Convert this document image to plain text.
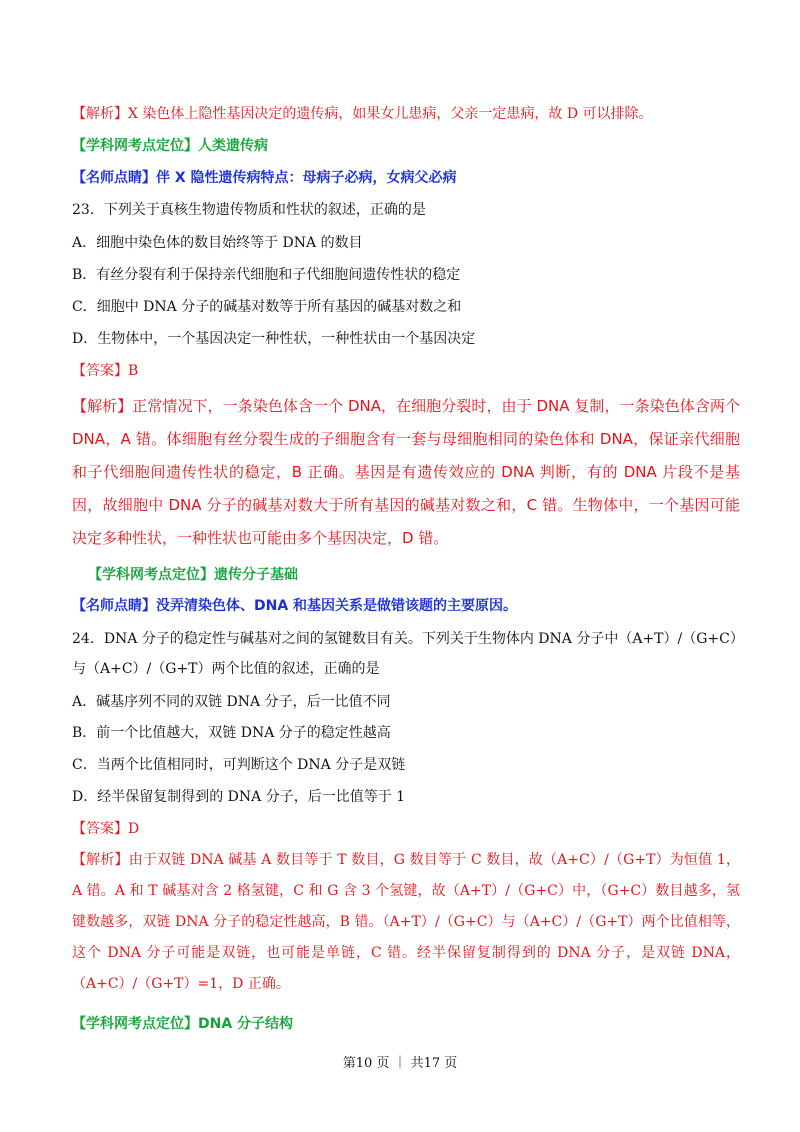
【解析】X 染色体上隐性基因决定的遗传病，如果女儿患病，父亲一定患病，故 D 可以排除。
【学科网考点定位】人类遗传病
【名师点睛】伴 X 隐性遗传病特点：母病子必病，女病父必病
23．下列关于真核生物遗传物质和性状的叙述，正确的是
A．细胞中染色体的数目始终等于 DNA 的数目
B．有丝分裂有利于保持亲代细胞和子代细胞间遗传性状的稳定
C．细胞中 DNA 分子的碱基对数等于所有基因的碱基对数之和
D．生物体中，一个基因决定一种性状，一种性状由一个基因决定
【答案】B
【解析】正常情况下，一条染色体含一个 DNA，在细胞分裂时，由于 DNA 复制，一条染色体含两个 DNA，A 错。体细胞有丝分裂生成的子细胞含有一套与母细胞相同的染色体和 DNA，保证亲代细胞和子代细胞间遗传性状的稳定，B 正确。基因是有遗传效应的 DNA 判断，有的 DNA 片段不是基因，故细胞中 DNA 分子的碱基对数大于所有基因的碱基对数之和，C 错。生物体中，一个基因可能决定多种性状，一种性状也可能由多个基因决定，D 错。
【学科网考点定位】遗传分子基础
【名师点睛】没弄清染色体、DNA 和基因关系是做错该题的主要原因。
24．DNA 分子的稳定性与碱基对之间的氢键数目有关。下列关于生物体内 DNA 分子中（A+T）/（G+C）
与（A+C）/（G+T）两个比值的叙述，正确的是
A．碱基序列不同的双链 DNA 分子，后一比值不同
B．前一个比值越大，双链 DNA 分子的稳定性越高
C．当两个比值相同时，可判断这个 DNA 分子是双链
D．经半保留复制得到的 DNA 分子，后一比值等于 1
【答案】D
【解析】由于双链 DNA 碱基 A 数目等于 T 数目，G 数目等于 C 数目，故（A+C）/（G+T）为恒值 1，A 错。A 和 T 碱基对含 2 格氢键，C 和 G 含 3 个氢键，故（A+T）/（G+C）中，（G+C）数目越多，氢键数越多，双链 DNA 分子的稳定性越高，B 错。（A+T）/（G+C）与（A+C）/（G+T）两个比值相等，这个 DNA 分子可能是双链，也可能是单链，C 错。经半保留复制得到的 DNA 分子，是双链 DNA，（A+C）/（G+T）=1，D 正确。
【学科网考点定位】DNA 分子结构
第10 页 ｜ 共17 页
